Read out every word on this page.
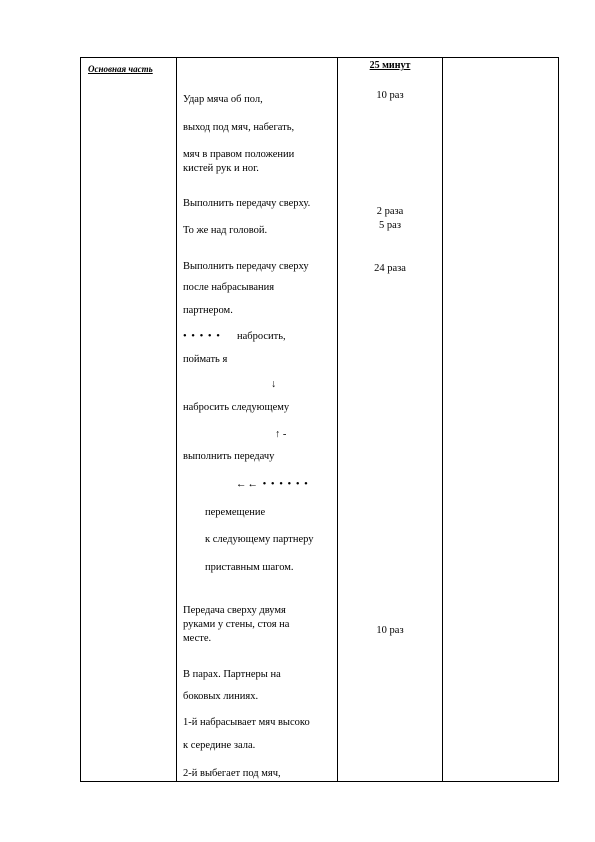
Основная часть
Удар мяча об пол,
выход под мяч, набегать,
мяч в правом положении
кистей рук и ног.
Выполнить передачу сверху.
То же над головой.
Выполнить передачу сверху
после набрасывания
партнером.
• • • • • набросить,
поймать я
↓
набросить следующему
↑ -
выполнить передачу
←← • • • • • •
перемещение
к следующему партнеру
приставным шагом.
Передача сверху двумя
руками у стены, стоя на
месте.
В парах. Партнеры на
боковых линиях.
1-й набрасывает мяч высоко
к середине зала.
2-й выбегает под мяч,
25 минут
10 раз
2 раза
5 раз
24 раза
10 раз
